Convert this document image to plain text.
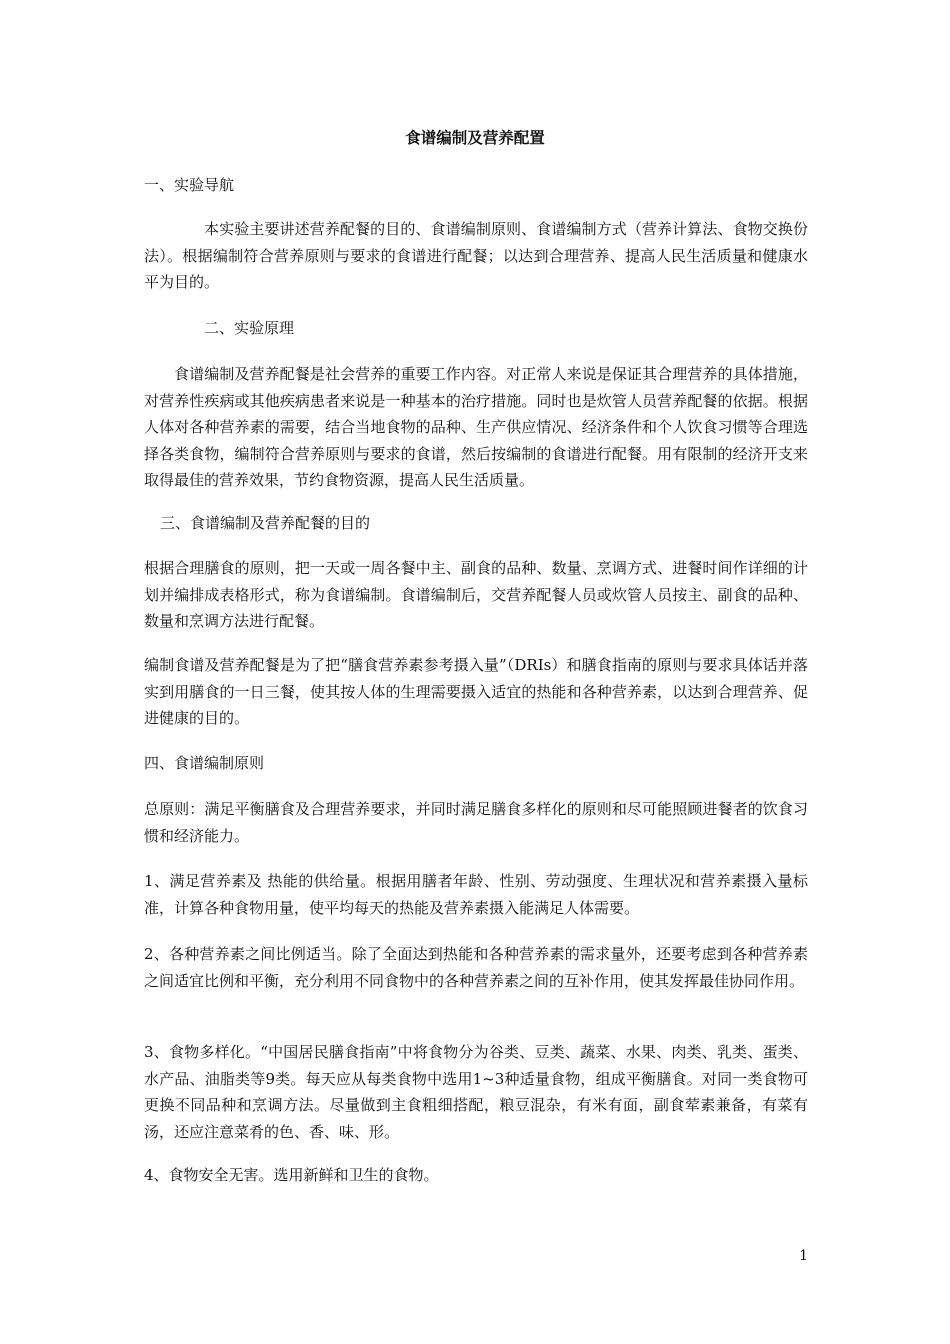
食谱编制及营养配置
一、实验导航
本实验主要讲述营养配餐的目的、食谱编制原则、食谱编制方式（营养计算法、食物交换份法）。根据编制符合营养原则与要求的食谱进行配餐；以达到合理营养、提高人民生活质量和健康水平为目的。
二、实验原理
食谱编制及营养配餐是社会营养的重要工作内容。对正常人来说是保证其合理营养的具体措施，对营养性疾病或其他疾病患者来说是一种基本的治疗措施。同时也是炊管人员营养配餐的依据。根据人体对各种营养素的需要，结合当地食物的品种、生产供应情况、经济条件和个人饮食习惯等合理选择各类食物，编制符合营养原则与要求的食谱，然后按编制的食谱进行配餐。用有限制的经济开支来取得最佳的营养效果，节约食物资源，提高人民生活质量。
三、食谱编制及营养配餐的目的
根据合理膳食的原则，把一天或一周各餐中主、副食的品种、数量、烹调方式、进餐时间作详细的计划并编排成表格形式，称为食谱编制。食谱编制后，交营养配餐人员或炊管人员按主、副食的品种、数量和烹调方法进行配餐。
编制食谱及营养配餐是为了把“膳食营养素参考摄入量”（DRIs）和膳食指南的原则与要求具体话并落实到用膳食的一日三餐，使其按人体的生理需要摄入适宜的热能和各种营养素，以达到合理营养、促进健康的目的。
四、食谱编制原则
总原则：满足平衡膳食及合理营养要求，并同时满足膳食多样化的原则和尽可能照顾进餐者的饮食习惯和经济能力。
1、满足营养素及 热能的供给量。根据用膳者年龄、性别、劳动强度、生理状况和营养素摄入量标准，计算各种食物用量，使平均每天的热能及营养素摄入能满足人体需要。
2、各种营养素之间比例适当。除了全面达到热能和各种营养素的需求量外，还要考虑到各种营养素之间适宜比例和平衡，充分利用不同食物中的各种营养素之间的互补作用，使其发挥最佳协同作用。
3、食物多样化。“中国居民膳食指南”中将食物分为谷类、豆类、蔬菜、水果、肉类、乳类、蛋类、水产品、油脂类等9类。每天应从每类食物中选用1~3种适量食物，组成平衡膳食。对同一类食物可更换不同品种和烹调方法。尽量做到主食粗细搭配，粮豆混杂，有米有面，副食荤素兼备，有菜有汤，还应注意菜肴的色、香、味、形。
4、食物安全无害。选用新鲜和卫生的食物。
1
